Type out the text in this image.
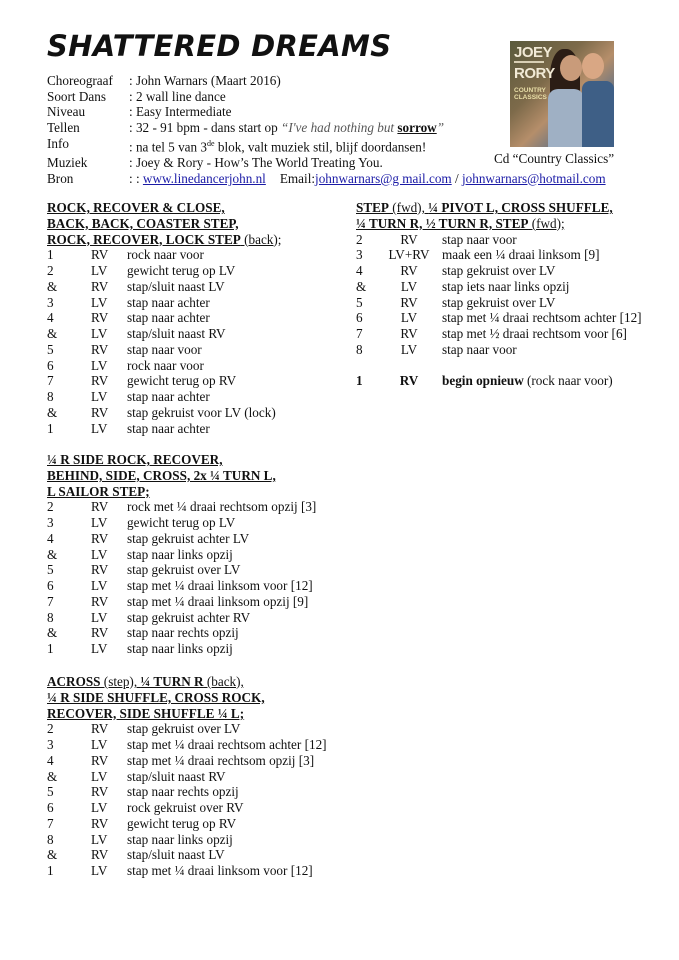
SHATTERED DREAMS
Choreograaf	: John Warnars (Maart 2016)
Soort Dans	: 2 wall line dance
Niveau	: Easy Intermediate
Tellen	: 32 - 91 bpm - dans start op “I've had nothing but sorrow”
Info	: na tel 5 van 3de blok, valt muziek stil, blijf doordansen!
Muziek	: Joey & Rory - How’s The World Treating You.
Bron	: : www.linedancerjohn.nl Email:johnwarnars@g mail.com / johnwarnars@hotmail.com
JOEY
RORY
COUNTRY
CLASSICS
Cd “Country Classics”
ROCK, RECOVER & CLOSE,
BACK, BACK, COASTER STEP,
ROCK, RECOVER, LOCK STEP (back);
1	RV	rock naar voor
2	LV	gewicht terug op LV
&	RV	stap/sluit naast LV
3	LV	stap naar achter
4	RV	stap naar achter
&	LV	stap/sluit naast RV
5	RV	stap naar voor
6	LV	rock naar voor
7	RV	gewicht terug op RV
8	LV	stap naar achter
&	RV	stap gekruist voor LV (lock)
1	LV	stap naar achter
¼ R SIDE ROCK, RECOVER,
BEHIND, SIDE, CROSS, 2x ¼ TURN L,
L SAILOR STEP;
2	RV	rock met ¼ draai rechtsom opzij [3]
3	LV	gewicht terug op LV
4	RV	stap gekruist achter LV
&	LV	stap naar links opzij
5	RV	stap gekruist over LV
6	LV	stap met ¼ draai linksom voor [12]
7	RV	stap met ¼ draai linksom opzij [9]
8	LV	stap gekruist achter RV
&	RV	stap naar rechts opzij
1	LV	stap naar links opzij
ACROSS (step), ¼ TURN R (back),
¼ R SIDE SHUFFLE, CROSS ROCK,
RECOVER, SIDE SHUFFLE ¼ L;
2	RV	stap gekruist over LV
3	LV	stap met ¼ draai rechtsom achter [12]
4	RV	stap met ¼ draai rechtsom opzij [3]
&	LV	stap/sluit naast RV
5	RV	stap naar rechts opzij
6	LV	rock gekruist over RV
7	RV	gewicht terug op RV
8	LV	stap naar links opzij
&	RV	stap/sluit naast LV
1	LV	stap met ¼ draai linksom voor [12]
STEP (fwd), ¼ PIVOT L, CROSS SHUFFLE,
¼ TURN R, ½ TURN R, STEP (fwd);
2	RV	stap naar voor
3	LV+RV maak een ¼ draai linksom [9]
4	RV	stap gekruist over LV
&	LV	stap iets naar links opzij
5	RV	stap gekruist over LV
6	LV	stap met ¼ draai rechtsom achter [12]
7	RV	stap met ½ draai rechtsom voor [6]
8	LV	stap naar voor
1	RV	begin opnieuw (rock naar voor)
